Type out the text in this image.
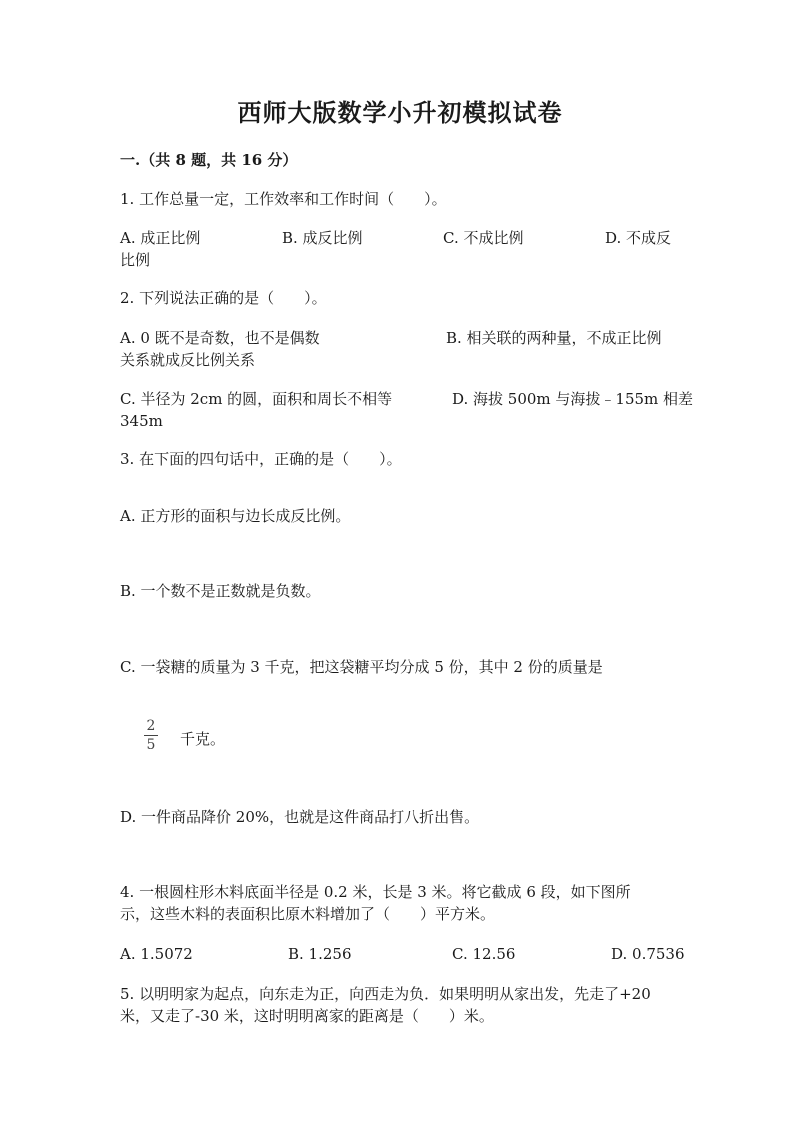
西师大版数学小升初模拟试卷
一.（共 8 题，共 16 分）
1. 工作总量一定，工作效率和工作时间（　　）。
A. 成正比例	B. 成反比例	C. 不成比例	D. 不成反
比例
2. 下列说法正确的是（　　）。
A. 0 既不是奇数，也不是偶数	B. 相关联的两种量，不成正比例
关系就成反比例关系
C. 半径为 2cm 的圆，面积和周长不相等	D. 海拔 500m 与海拔﹣155m 相差
345m
3. 在下面的四句话中，正确的是（　　）。
A. 正方形的面积与边长成反比例。
B. 一个数不是正数就是负数。
C. 一袋糖的质量为 3 千克，把这袋糖平均分成 5 份，其中 2 份的质量是
2
5 千克。
D. 一件商品降价 20%，也就是这件商品打八折出售。
4. 一根圆柱形木料底面半径是 0.2 米，长是 3 米。将它截成 6 段，如下图所
示，这些木料的表面积比原木料增加了（　　）平方米。
A. 1.5072	B. 1.256	C. 12.56	D. 0.7536
5. 以明明家为起点，向东走为正，向西走为负．如果明明从家出发，先走了+20
米，又走了-30 米，这时明明离家的距离是（　　）米。
